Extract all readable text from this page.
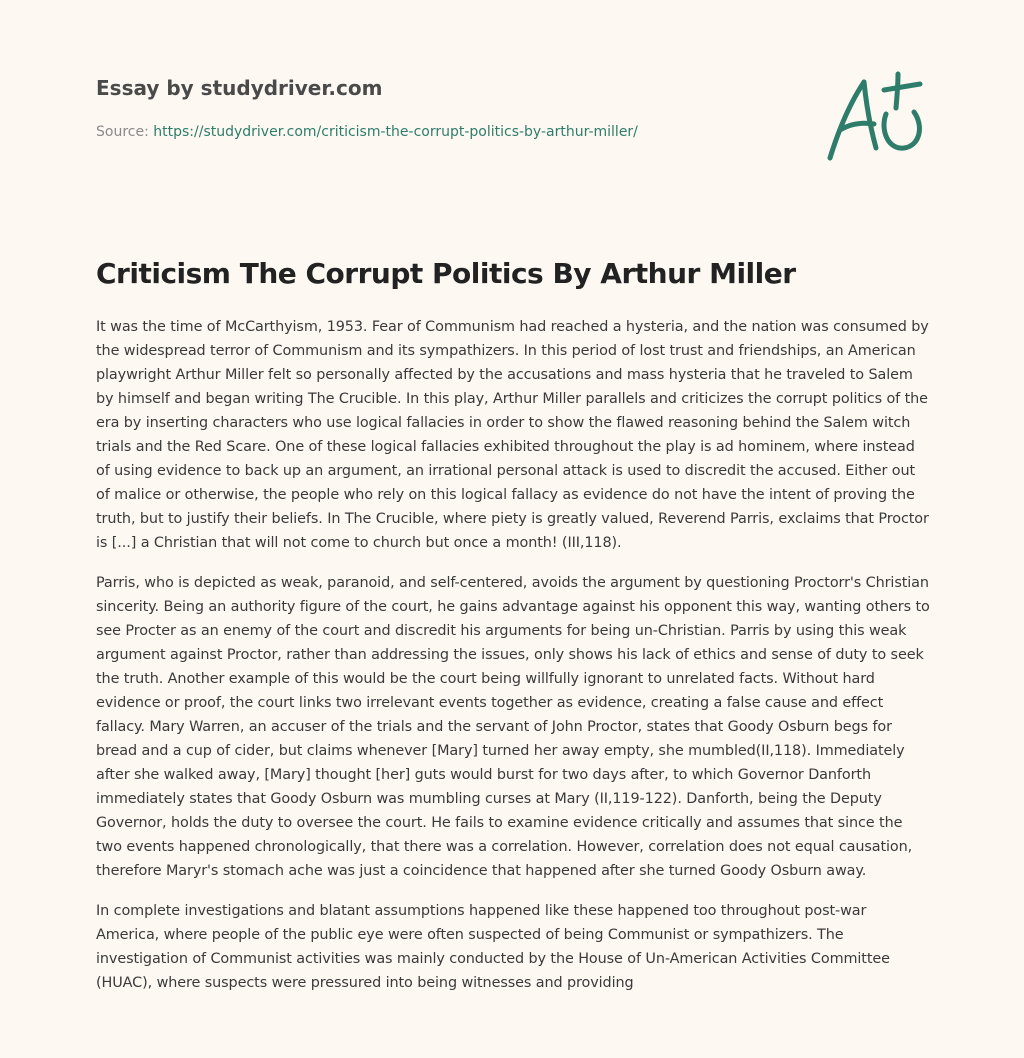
Essay by studydriver.com
Source: https://studydriver.com/criticism-the-corrupt-politics-by-arthur-miller/
Criticism The Corrupt Politics By Arthur Miller

It was the time of McCarthyism, 1953. Fear of Communism had reached a hysteria, and the nation was consumed by the widespread terror of Communism and its sympathizers. In this period of lost trust and friendships, an American playwright Arthur Miller felt so personally affected by the accusations and mass hysteria that he traveled to Salem by himself and began writing The Crucible. In this play, Arthur Miller parallels and criticizes the corrupt politics of the era by inserting characters who use logical fallacies in order to show the flawed reasoning behind the Salem witch trials and the Red Scare. One of these logical fallacies exhibited throughout the play is ad hominem, where instead of using evidence to back up an argument, an irrational personal attack is used to discredit the accused. Either out of malice or otherwise, the people who rely on this logical fallacy as evidence do not have the intent of proving the truth, but to justify their beliefs. In The Crucible, where piety is greatly valued, Reverend Parris, exclaims that Proctor is [...] a Christian that will not come to church but once a month! (III,118).

Parris, who is depicted as weak, paranoid, and self-centered, avoids the argument by questioning Proctorr's Christian sincerity. Being an authority figure of the court, he gains advantage against his opponent this way, wanting others to see Procter as an enemy of the court and discredit his arguments for being un-Christian. Parris by using this weak argument against Proctor, rather than addressing the issues, only shows his lack of ethics and sense of duty to seek the truth. Another example of this would be the court being willfully ignorant to unrelated facts. Without hard evidence or proof, the court links two irrelevant events together as evidence, creating a false cause and effect fallacy. Mary Warren, an accuser of the trials and the servant of John Proctor, states that Goody Osburn begs for bread and a cup of cider, but claims whenever [Mary] turned her away empty, she mumbled(II,118). Immediately after she walked away, [Mary] thought [her] guts would burst for two days after, to which Governor Danforth immediately states that Goody Osburn was mumbling curses at Mary (II,119-122). Danforth, being the Deputy Governor, holds the duty to oversee the court. He fails to examine evidence critically and assumes that since the two events happened chronologically, that there was a correlation. However, correlation does not equal causation, therefore Maryr's stomach ache was just a coincidence that happened after she turned Goody Osburn away.

In complete investigations and blatant assumptions happened like these happened too throughout post-war America, where people of the public eye were often suspected of being Communist or sympathizers. The investigation of Communist activities was mainly conducted by the House of Un-American Activities Committee (HUAC), where suspects were pressured into being witnesses and providing
